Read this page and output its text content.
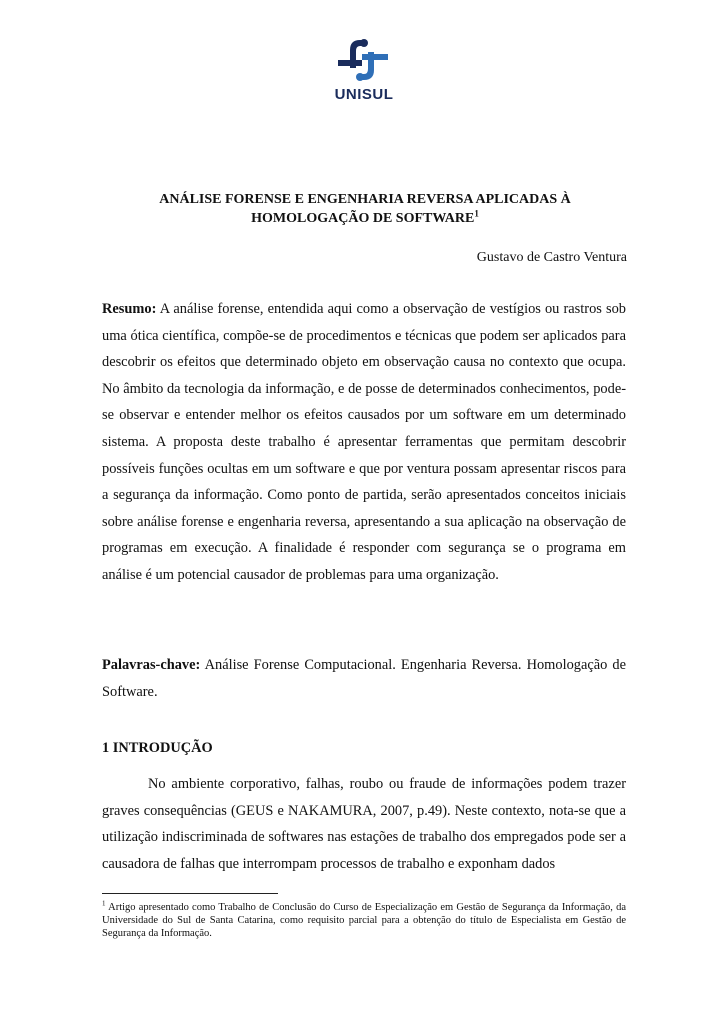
UNISUL
ANÁLISE FORENSE E ENGENHARIA REVERSA APLICADAS À HOMOLOGAÇÃO DE SOFTWARE$^1$
Gustavo de Castro Ventura
Resumo: A análise forense, entendida aqui como a observação de vestígios ou rastros sob uma ótica científica, compõe-se de procedimentos e técnicas que podem ser aplicados para descobrir os efeitos que determinado objeto em observação causa no contexto que ocupa. No âmbito da tecnologia da informação, e de posse de determinados conhecimentos, pode-se observar e entender melhor os efeitos causados por um software em um determinado sistema. A proposta deste trabalho é apresentar ferramentas que permitam descobrir possíveis funções ocultas em um software e que por ventura possam apresentar riscos para a segurança da informação. Como ponto de partida, serão apresentados conceitos iniciais sobre análise forense e engenharia reversa, apresentando a sua aplicação na observação de programas em execução. A finalidade é responder com segurança se o programa em análise é um potencial causador de problemas para uma organização.
Palavras-chave: Análise Forense Computacional. Engenharia Reversa. Homologação de Software.
1 INTRODUÇÃO
No ambiente corporativo, falhas, roubo ou fraude de informações podem trazer graves consequências (GEUS e NAKAMURA, 2007, p.49). Neste contexto, nota-se que a utilização indiscriminada de softwares nas estações de trabalho dos empregados pode ser a causadora de falhas que interrompam processos de trabalho e exponham dados
$^1$ Artigo apresentado como Trabalho de Conclusão do Curso de Especialização em Gestão de Segurança da Informação, da Universidade do Sul de Santa Catarina, como requisito parcial para a obtenção do título de Especialista em Gestão de Segurança da Informação.
